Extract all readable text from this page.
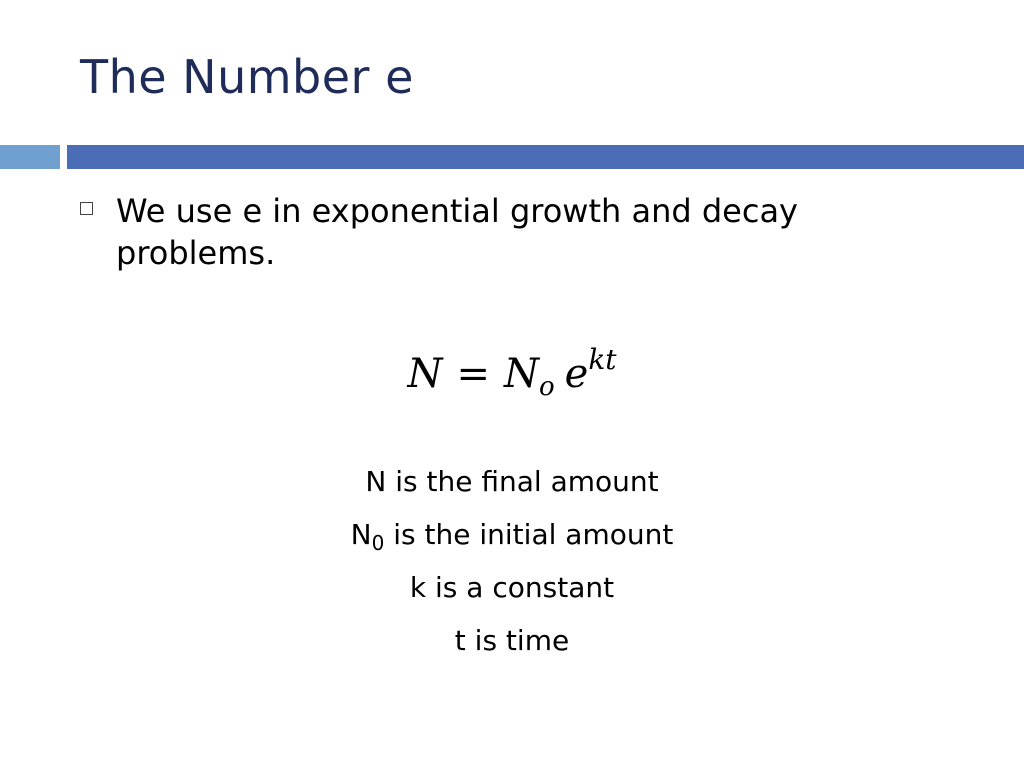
The Number e
We use e in exponential growth and decay problems.
$N = N_o$ $e^{kt}$
N is the final amount
$N_0$ is the initial amount
k is a constant
t is time
